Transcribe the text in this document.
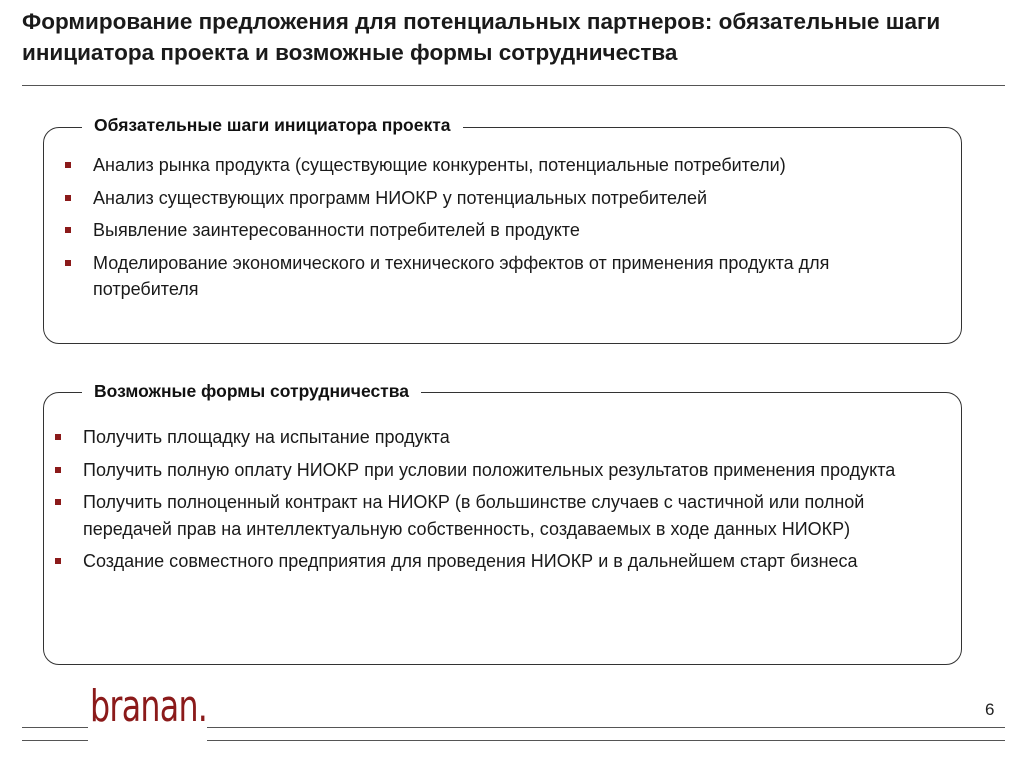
Формирование предложения для потенциальных партнеров: обязательные шаги инициатора проекта и возможные формы сотрудничества
Обязательные шаги инициатора проекта
Анализ рынка продукта (существующие конкуренты, потенциальные потребители)
Анализ существующих программ НИОКР у потенциальных потребителей
Выявление заинтересованности потребителей в продукте
Моделирование экономического и технического эффектов от применения продукта для потребителя
Возможные формы сотрудничества
Получить площадку на испытание продукта
Получить полную оплату НИОКР при условии положительных результатов применения продукта
Получить полноценный контракт на НИОКР (в большинстве случаев с частичной или полной передачей прав на интеллектуальную собственность, создаваемых в ходе данных НИОКР)
Создание совместного предприятия для проведения НИОКР и в дальнейшем старт бизнеса
branan.	6
